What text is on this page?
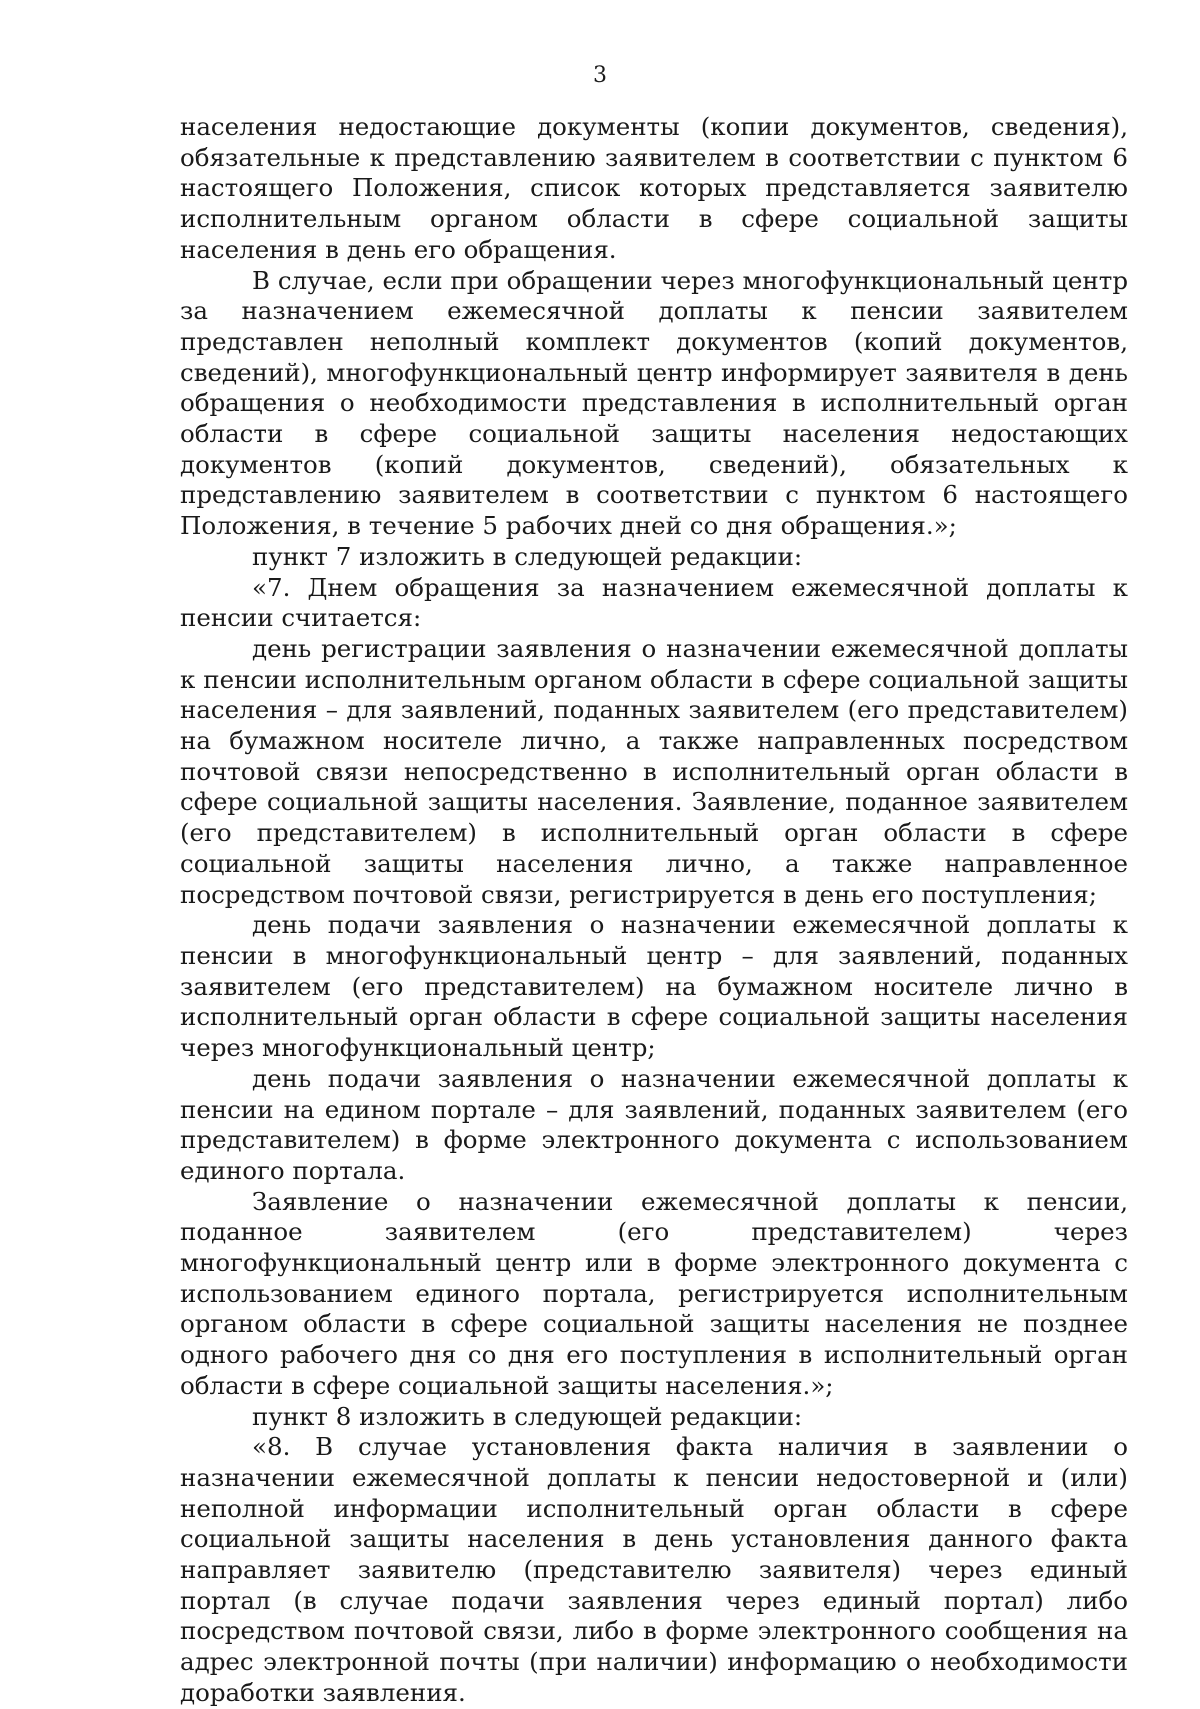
3

населения недостающие документы (копии документов, сведения), обязательные к представлению заявителем в соответствии с пунктом 6 настоящего Положения, список которых представляется заявителю исполнительным органом области в сфере социальной защиты населения в день его обращения.

В случае, если при обращении через многофункциональный центр за назначением ежемесячной доплаты к пенсии заявителем представлен неполный комплект документов (копий документов, сведений), многофункциональный центр информирует заявителя в день обращения о необходимости представления в исполнительный орган области в сфере социальной защиты населения недостающих документов (копий документов, сведений), обязательных к представлению заявителем в соответствии с пунктом 6 настоящего Положения, в течение 5 рабочих дней со дня обращения.»;

пункт 7 изложить в следующей редакции:

«7. Днем обращения за назначением ежемесячной доплаты к пенсии считается:

день регистрации заявления о назначении ежемесячной доплаты к пенсии исполнительным органом области в сфере социальной защиты населения – для заявлений, поданных заявителем (его представителем) на бумажном носителе лично, а также направленных посредством почтовой связи непосредственно в исполнительный орган области в сфере социальной защиты населения. Заявление, поданное заявителем (его представителем) в исполнительный орган области в сфере социальной защиты населения лично, а также направленное посредством почтовой связи, регистрируется в день его поступления;

день подачи заявления о назначении ежемесячной доплаты к пенсии в многофункциональный центр – для заявлений, поданных заявителем (его представителем) на бумажном носителе лично в исполнительный орган области в сфере социальной защиты населения через многофункциональный центр;

день подачи заявления о назначении ежемесячной доплаты к пенсии на едином портале – для заявлений, поданных заявителем (его представителем) в форме электронного документа с использованием единого портала.

Заявление о назначении ежемесячной доплаты к пенсии, поданное заявителем (его представителем) через многофункциональный центр или в форме электронного документа с использованием единого портала, регистрируется исполнительным органом области в сфере социальной защиты населения не позднее одного рабочего дня со дня его поступления в исполнительный орган области в сфере социальной защиты населения.»;

пункт 8 изложить в следующей редакции:

«8. В случае установления факта наличия в заявлении о назначении ежемесячной доплаты к пенсии недостоверной и (или) неполной информации исполнительный орган области в сфере социальной защиты населения в день установления данного факта направляет заявителю (представителю заявителя) через единый портал (в случае подачи заявления через единый портал) либо посредством почтовой связи, либо в форме электронного сообщения на адрес электронной почты (при наличии) информацию о необходимости доработки заявления.
